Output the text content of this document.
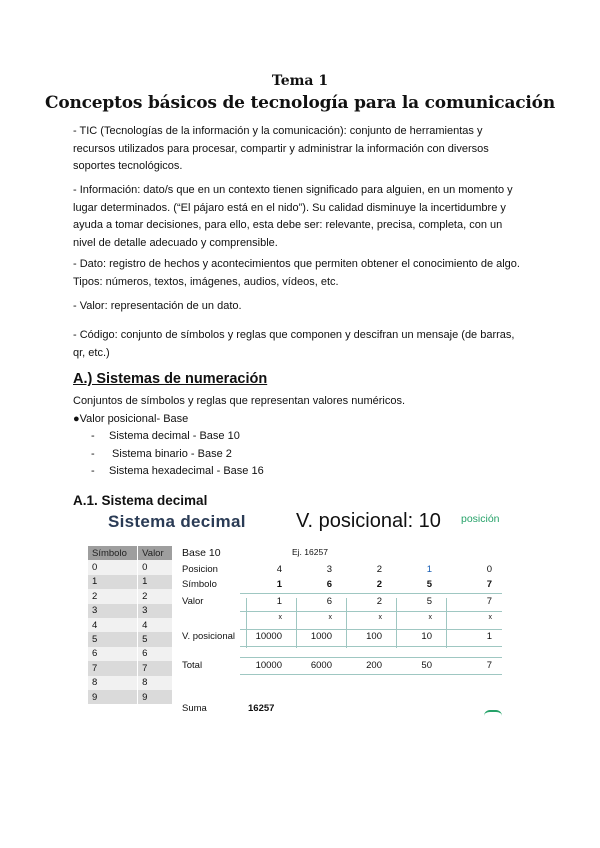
Tema 1
Conceptos básicos de tecnología para la comunicación
- TIC (Tecnologías de la información y la comunicación): conjunto de herramientas y
recursos utilizados para procesar, compartir y administrar la información con diversos
soportes tecnológicos.
- Información: dato/s que en un contexto tienen significado para alguien, en un momento y
lugar determinados. (“El pájaro está en el nido”). Su calidad disminuye la incertidumbre y
ayuda a tomar decisiones, para ello, esta debe ser: relevante, precisa, completa, con un
nivel de detalle adecuado y comprensible.
- Dato: registro de hechos y acontecimientos que permiten obtener el conocimiento de algo.
Tipos: números, textos, imágenes, audios, vídeos, etc.
- Valor: representación de un dato.
- Código: conjunto de símbolos y reglas que componen y descifran un mensaje (de barras,
qr, etc.)
A.) Sistemas de numeración
Conjuntos de símbolos y reglas que representan valores numéricos.
●Valor posicional- Base
- Sistema decimal - Base 10
- Sistema binario - Base 2
- Sistema hexadecimal - Base 16
A.1. Sistema decimal
Sistema decimal	V. posicional: 10 posición
Símbolo	Valor
0	0
1	1
2	2
3	3
4	4
5	5
6	6
7	7
8	8
9	9
Base 10	Ej. 16257
Posicion	4	3	2	1	0
Símbolo	1	6	2	5	7
Valor	1	6	2	5	7
x	x	x	x	x
V. posicional	10000	1000	100	10	1
Total	10000	6000	200	50	7
Suma	16257
